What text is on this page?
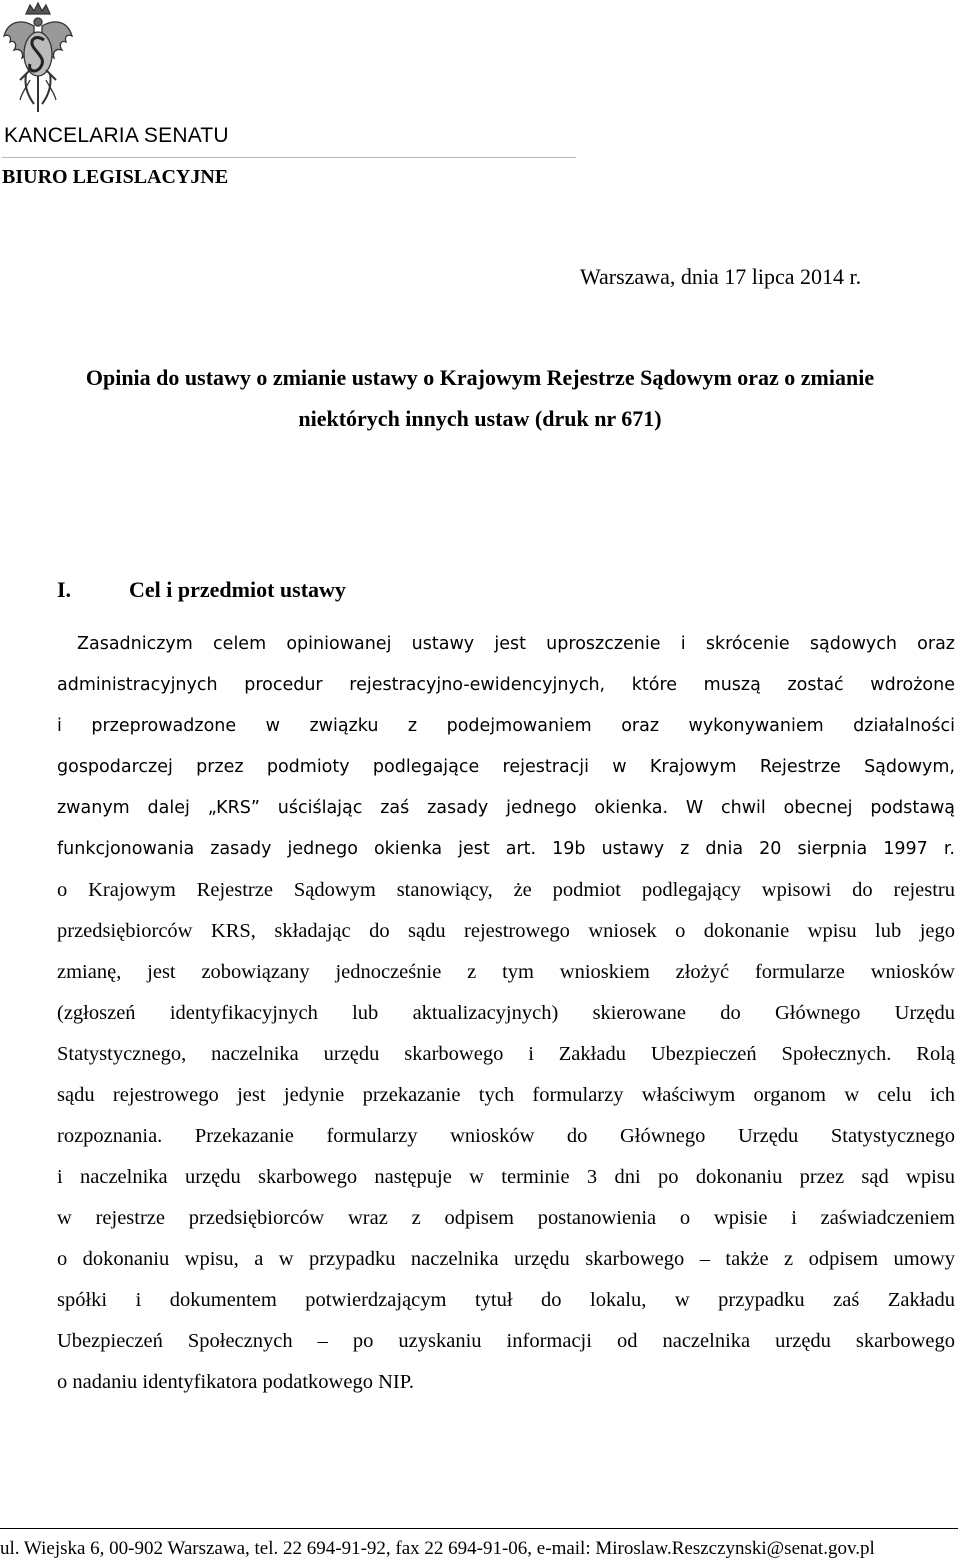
KANCELARIA SENATU
BIURO LEGISLACYJNE
Warszawa, dnia 17 lipca 2014 r.
Opinia do ustawy o zmianie ustawy o Krajowym Rejestrze Sądowym oraz o zmianie
niektórych innych ustaw (druk nr 671)
I.	Cel i przedmiot ustawy
Zasadniczym celem opiniowanej ustawy jest uproszczenie i skrócenie sądowych oraz
administracyjnych procedur rejestracyjno-ewidencyjnych, które muszą zostać wdrożone
i przeprowadzone w związku z podejmowaniem oraz wykonywaniem działalności
gospodarczej przez podmioty podlegające rejestracji w Krajowym Rejestrze Sądowym,
zwanym dalej „KRS” uściślając zaś zasady jednego okienka. W chwil obecnej podstawą
funkcjonowania zasady jednego okienka jest art. 19b ustawy z dnia 20 sierpnia 1997 r.
o Krajowym Rejestrze Sądowym stanowiący, że podmiot podlegający wpisowi do rejestru
przedsiębiorców KRS, składając do sądu rejestrowego wniosek o dokonanie wpisu lub jego
zmianę, jest zobowiązany jednocześnie z tym wnioskiem złożyć formularze wniosków
(zgłoszeń identyfikacyjnych lub aktualizacyjnych) skierowane do Głównego Urzędu
Statystycznego, naczelnika urzędu skarbowego i Zakładu Ubezpieczeń Społecznych. Rolą
sądu rejestrowego jest jedynie przekazanie tych formularzy właściwym organom w celu ich
rozpoznania. Przekazanie formularzy wniosków do Głównego Urzędu Statystycznego
i naczelnika urzędu skarbowego następuje w terminie 3 dni po dokonaniu przez sąd wpisu
w rejestrze przedsiębiorców wraz z odpisem postanowienia o wpisie i zaświadczeniem
o dokonaniu wpisu, a w przypadku naczelnika urzędu skarbowego – także z odpisem umowy
spółki i dokumentem potwierdzającym tytuł do lokalu, w przypadku zaś Zakładu
Ubezpieczeń Społecznych – po uzyskaniu informacji od naczelnika urzędu skarbowego
o nadaniu identyfikatora podatkowego NIP.
ul. Wiejska 6, 00-902 Warszawa, tel. 22 694-91-92, fax 22 694-91-06, e-mail: Miroslaw.Reszczynski@senat.gov.pl
